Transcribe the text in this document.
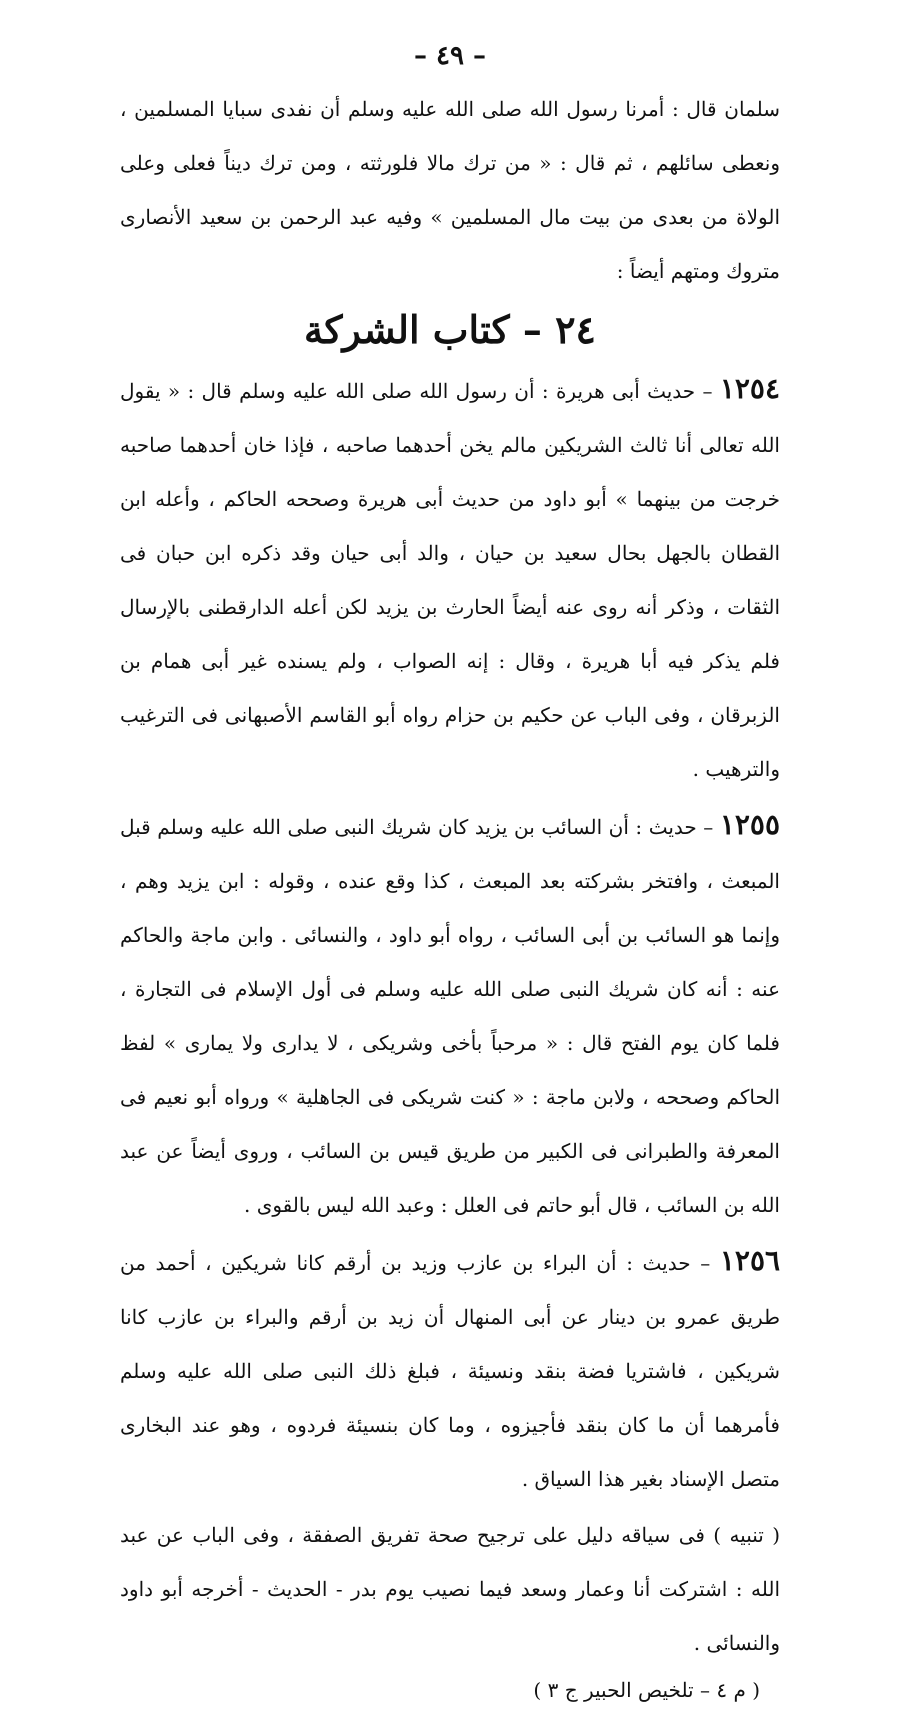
– ٤٩ –

سلمان قال : أمرنا رسول الله صلى الله عليه وسلم أن نفدى سبايا المسلمين ، ونعطى سائلهم ، ثم قال : « من ترك مالا فلورثته ، ومن ترك ديناً فعلى وعلى الولاة من بعدى من بيت مال المسلمين » وفيه عبد الرحمن بن سعيد الأنصارى متروك ومتهم أيضاً :

٢٤ – كتاب الشركة

١٢٥٤ – حديث أبى هريرة : أن رسول الله صلى الله عليه وسلم قال : « يقول الله تعالى أنا ثالث الشريكين مالم يخن أحدهما صاحبه ، فإذا خان أحدهما صاحبه خرجت من بينهما » أبو داود من حديث أبى هريرة وصححه الحاكم ، وأعله ابن القطان بالجهل بحال سعيد بن حيان ، والد أبى حيان وقد ذكره ابن حبان فى الثقات ، وذكر أنه روى عنه أيضاً الحارث بن يزيد لكن أعله الدارقطنى بالإرسال فلم يذكر فيه أبا هريرة ، وقال : إنه الصواب ، ولم يسنده غير أبى همام بن الزبرقان ، وفى الباب عن حكيم بن حزام رواه أبو القاسم الأصبهانى فى الترغيب والترهيب .

١٢٥٥ – حديث : أن السائب بن يزيد كان شريك النبى صلى الله عليه وسلم قبل المبعث ، وافتخر بشركته بعد المبعث ، كذا وقع عنده ، وقوله : ابن يزيد وهم ، وإنما هو السائب بن أبى السائب ، رواه أبو داود ، والنسائى . وابن ماجة والحاكم عنه : أنه كان شريك النبى صلى الله عليه وسلم فى أول الإسلام فى التجارة ، فلما كان يوم الفتح قال : « مرحباً بأخى وشريكى ، لا يدارى ولا يمارى » لفظ الحاكم وصححه ، ولابن ماجة : « كنت شريكى فى الجاهلية » ورواه أبو نعيم فى المعرفة والطبرانى فى الكبير من طريق قيس بن السائب ، وروى أيضاً عن عبد الله بن السائب ، قال أبو حاتم فى العلل : وعبد الله ليس بالقوى .

١٢٥٦ – حديث : أن البراء بن عازب وزيد بن أرقم كانا شريكين ، أحمد من طريق عمرو بن دينار عن أبى المنهال أن زيد بن أرقم والبراء بن عازب كانا شريكين ، فاشتريا فضة بنقد ونسيئة ، فبلغ ذلك النبى صلى الله عليه وسلم فأمرهما أن ما كان بنقد فأجيزوه ، وما كان بنسيئة فردوه ، وهو عند البخارى متصل الإسناد بغير هذا السياق .

( تنبيه ) فى سياقه دليل على ترجيح صحة تفريق الصفقة ، وفى الباب عن عبد الله : اشتركت أنا وعمار وسعد فيما نصيب يوم بدر - الحديث - أخرجه أبو داود والنسائى .

( م ٤ – تلخيص الحبير ج ٣ )
